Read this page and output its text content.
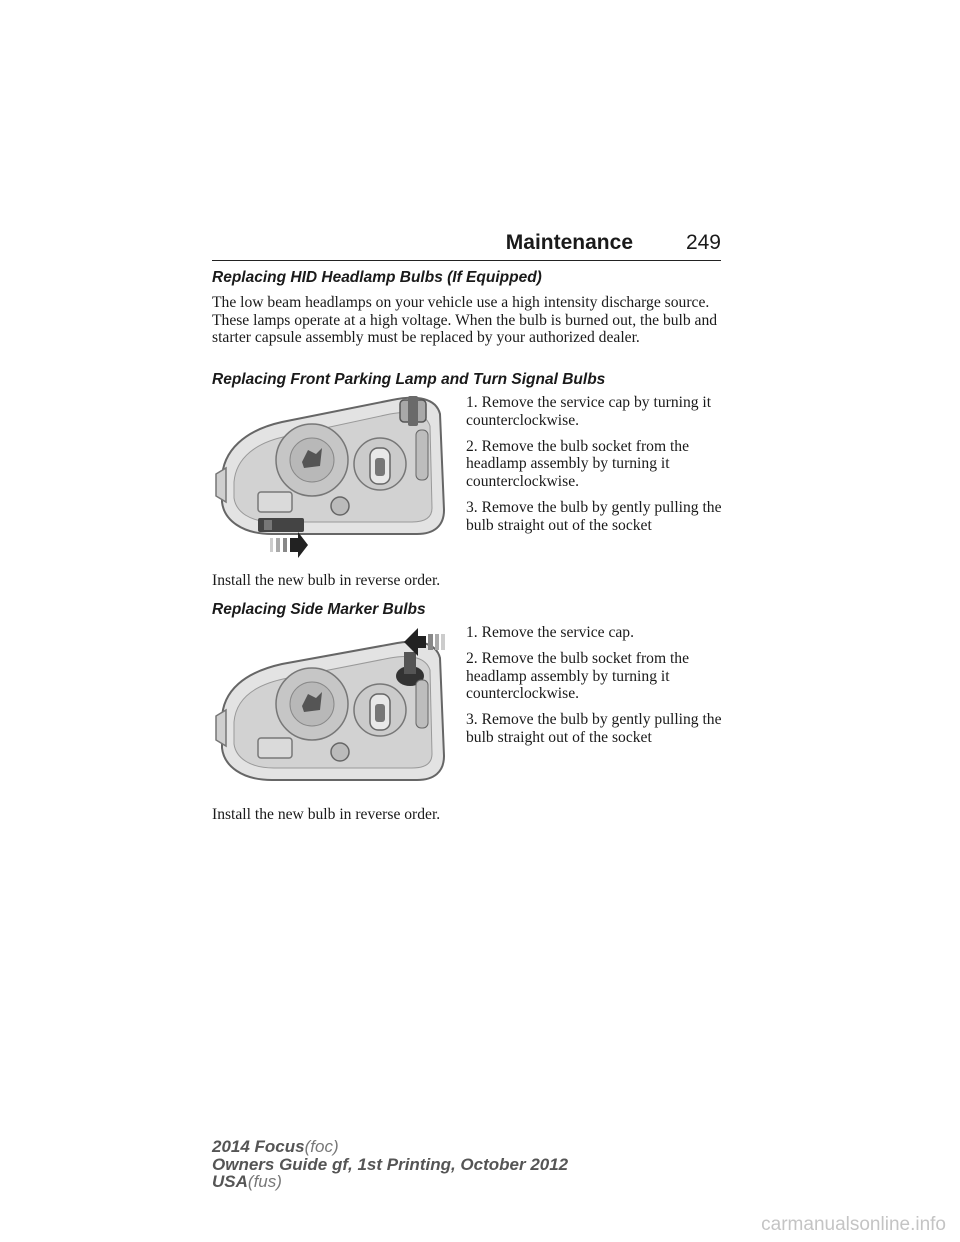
Maintenance	249
Replacing HID Headlamp Bulbs (If Equipped)
The low beam headlamps on your vehicle use a high intensity discharge source. These lamps operate at a high voltage. When the bulb is burned out, the bulb and starter capsule assembly must be replaced by your authorized dealer.
Replacing Front Parking Lamp and Turn Signal Bulbs

1. Remove the service cap by turning it counterclockwise.

2. Remove the bulb socket from the headlamp assembly by turning it counterclockwise.

3. Remove the bulb by gently pulling the bulb straight out of the socket

Install the new bulb in reverse order.
Replacing Side Marker Bulbs

1. Remove the service cap.

2. Remove the bulb socket from the headlamp assembly by turning it counterclockwise.

3. Remove the bulb by gently pulling the bulb straight out of the socket

Install the new bulb in reverse order.
2014 Focus(foc)
Owners Guide gf, 1st Printing, October 2012
USA(fus)
carmanualsonline.info
